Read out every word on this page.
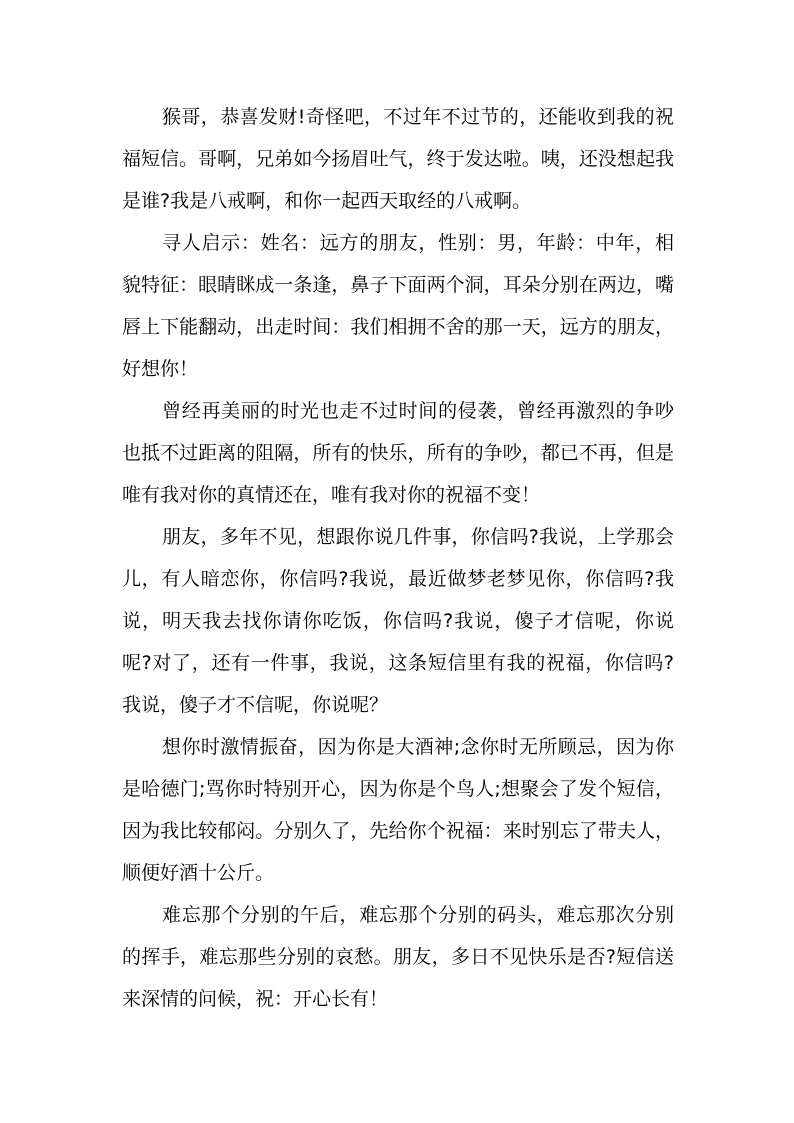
猴哥，恭喜发财!奇怪吧，不过年不过节的，还能收到我的祝福短信。哥啊，兄弟如今扬眉吐气，终于发达啦。咦，还没想起我是谁?我是八戒啊，和你一起西天取经的八戒啊。

寻人启示：姓名：远方的朋友，性别：男，年龄：中年，相貌特征：眼睛眯成一条逢，鼻子下面两个洞，耳朵分别在两边，嘴唇上下能翻动，出走时间：我们相拥不舍的那一天，远方的朋友，好想你！

曾经再美丽的时光也走不过时间的侵袭，曾经再激烈的争吵也抵不过距离的阻隔，所有的快乐，所有的争吵，都已不再，但是唯有我对你的真情还在，唯有我对你的祝福不变！

朋友，多年不见，想跟你说几件事，你信吗?我说，上学那会儿，有人暗恋你，你信吗?我说，最近做梦老梦见你，你信吗?我说，明天我去找你请你吃饭，你信吗?我说，傻子才信呢，你说呢?对了，还有一件事，我说，这条短信里有我的祝福，你信吗?我说，傻子才不信呢，你说呢？

想你时激情振奋，因为你是大酒神;念你时无所顾忌，因为你是哈德门;骂你时特别开心，因为你是个鸟人;想聚会了发个短信，因为我比较郁闷。分别久了，先给你个祝福：来时别忘了带夫人，顺便好酒十公斤。

难忘那个分别的午后，难忘那个分别的码头，难忘那次分别的挥手，难忘那些分别的哀愁。朋友，多日不见快乐是否?短信送来深情的问候，祝：开心长有！
